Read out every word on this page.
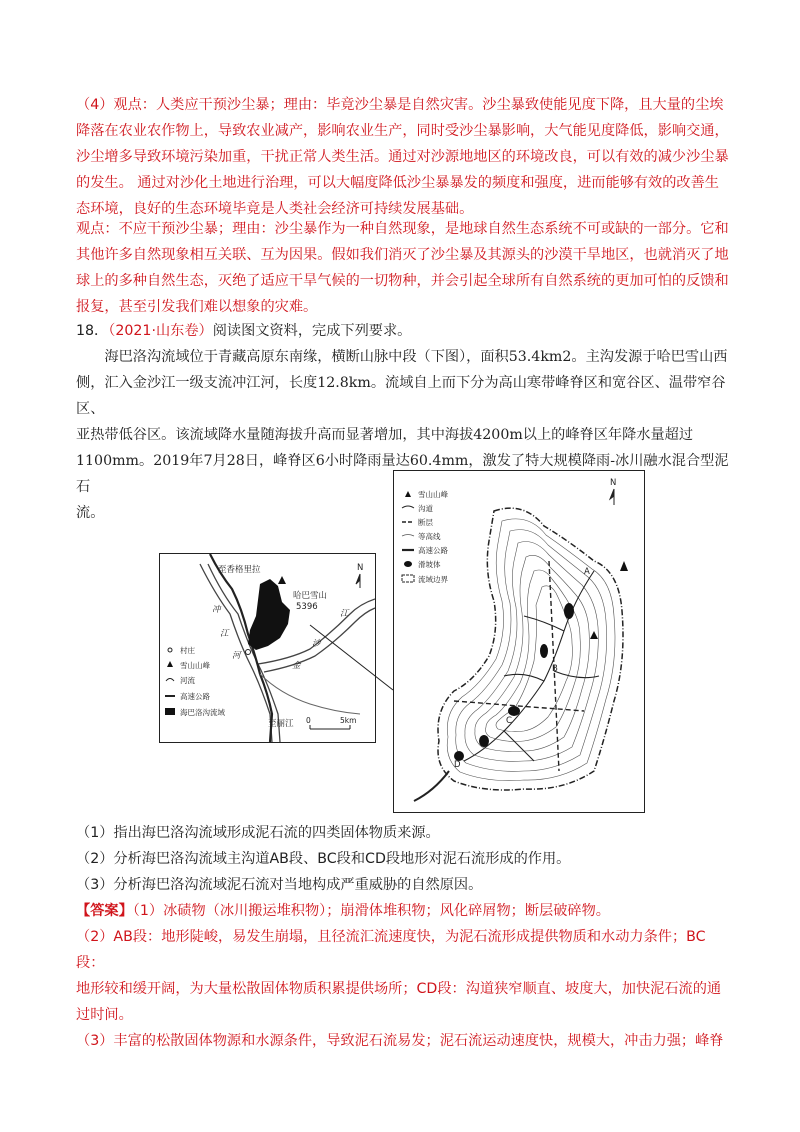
（4）观点：人类应干预沙尘暴；理由：毕竟沙尘暴是自然灾害。沙尘暴致使能见度下降，且大量的尘埃
降落在农业农作物上，导致农业减产，影响农业生产，同时受沙尘暴影响，大气能见度降低，影响交通，
沙尘增多导致环境污染加重，干扰正常人类生活。通过对沙源地地区的环境改良，可以有效的减少沙尘暴
的发生。 通过对沙化土地进行治理，可以大幅度降低沙尘暴暴发的频度和强度，进而能够有效的改善生
态环境，良好的生态环境毕竟是人类社会经济可持续发展基础。
观点：不应干预沙尘暴；理由：沙尘暴作为一种自然现象，是地球自然生态系统不可或缺的一部分。它和
其他许多自然现象相互关联、互为因果。假如我们消灭了沙尘暴及其源头的沙漠干旱地区，也就消灭了地
球上的多种自然生态，灭绝了适应干旱气候的一切物种，并会引起全球所有自然系统的更加可怕的反馈和
报复，甚至引发我们难以想象的灾难。
18．（2021·山东卷）阅读图文资料，完成下列要求。
海巴洛沟流域位于青藏高原东南缘，横断山脉中段（下图），面积53.4km2。主沟发源于哈巴雪山西
侧，汇入金沙江一级支流冲江河，长度12.8km。流域自上而下分为高山寒带峰脊区和宽谷区、温带窄谷区、
亚热带低谷区。该流域降水量随海拔升高而显著增加，其中海拔4200m以上的峰脊区年降水量超过
1100mm。2019年7月28日，峰脊区6小时降雨量达60.4mm，激发了特大规模降雨-冰川融水混合型泥石
流。
至香格里拉
哈巴雪山
5396
冲
江
河
江
沙
金
至丽江
N
村庄
雪山山峰
河流
高速公路
海巴洛沟流域
0	5km
A
B
C
D
N
雪山山峰
沟道
断层
等高线
高速公路
滑坡体
流域边界
（1）指出海巴洛沟流域形成泥石流的四类固体物质来源。
（2）分析海巴洛沟流域主沟道AB段、BC段和CD段地形对泥石流形成的作用。
（3）分析海巴洛沟流域泥石流对当地构成严重威胁的自然原因。
【答案】（1）冰碛物（冰川搬运堆积物）；崩滑体堆积物；风化碎屑物；断层破碎物。
（2）AB段：地形陡峻，易发生崩塌，且径流汇流速度快，为泥石流形成提供物质和水动力条件；BC段：
地形较和缓开阔，为大量松散固体物质积累提供场所；CD段：沟道狭窄顺直、坡度大，加快泥石流的通
过时间。
（3）丰富的松散固体物源和水源条件，导致泥石流易发；泥石流运动速度快，规模大，冲击力强；峰脊
